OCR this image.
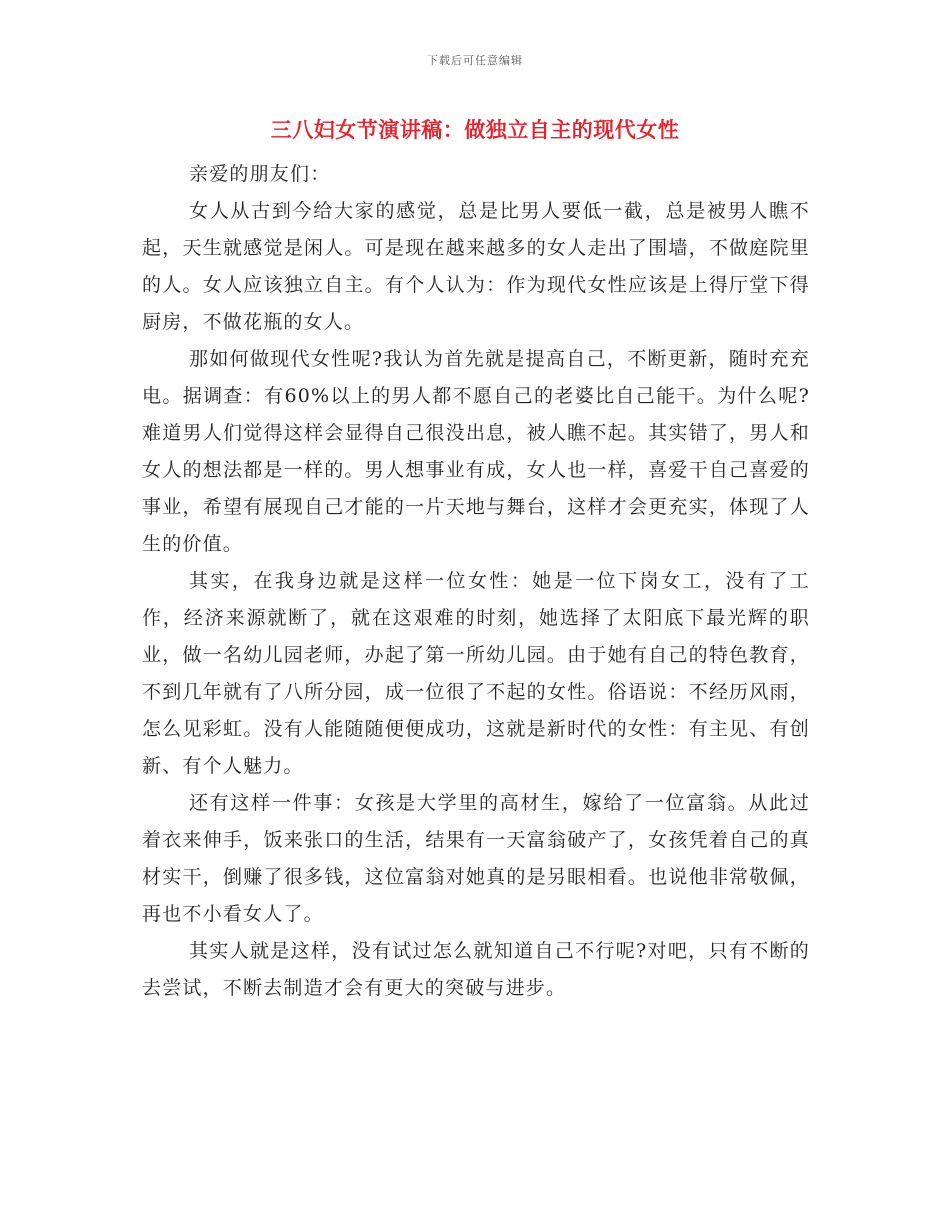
下载后可任意编辑
三八妇女节演讲稿：做独立自主的现代女性

亲爱的朋友们：

女人从古到今给大家的感觉，总是比男人要低一截，总是被男人瞧不起，天生就感觉是闲人。可是现在越来越多的女人走出了围墙，不做庭院里的人。女人应该独立自主。有个人认为：作为现代女性应该是上得厅堂下得厨房，不做花瓶的女人。

那如何做现代女性呢?我认为首先就是提高自己，不断更新，随时充充电。据调查：有60%以上的男人都不愿自己的老婆比自己能干。为什么呢?难道男人们觉得这样会显得自己很没出息，被人瞧不起。其实错了，男人和女人的想法都是一样的。男人想事业有成，女人也一样，喜爱干自己喜爱的事业，希望有展现自己才能的一片天地与舞台，这样才会更充实，体现了人生的价值。

其实，在我身边就是这样一位女性：她是一位下岗女工，没有了工作，经济来源就断了，就在这艰难的时刻，她选择了太阳底下最光辉的职业，做一名幼儿园老师，办起了第一所幼儿园。由于她有自己的特色教育，不到几年就有了八所分园，成一位很了不起的女性。俗语说：不经历风雨，怎么见彩虹。没有人能随随便便成功，这就是新时代的女性：有主见、有创新、有个人魅力。

还有这样一件事：女孩是大学里的高材生，嫁给了一位富翁。从此过着衣来伸手，饭来张口的生活，结果有一天富翁破产了，女孩凭着自己的真材实干，倒赚了很多钱，这位富翁对她真的是另眼相看。也说他非常敬佩，再也不小看女人了。

其实人就是这样，没有试过怎么就知道自己不行呢?对吧，只有不断的去尝试，不断去制造才会有更大的突破与进步。
